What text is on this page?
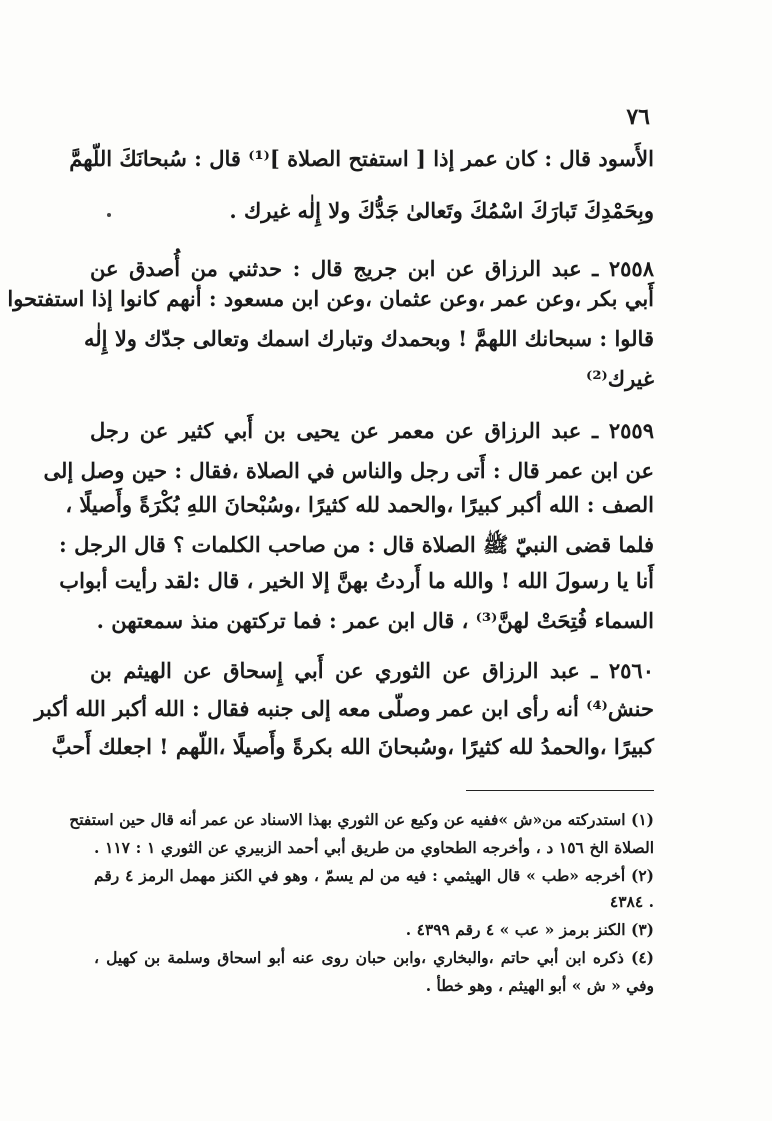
٧٦
الأَسود قال : كان عمر إذا [ استفتح الصلاة ]⁽¹⁾ قال : سُبحانَكَ اللّهمَّ
وبِحَمْدِكَ تَبارَكَ اسْمُكَ وتَعالىٰ جَدُّكَ ولا إِلٰه غيرك .
٢٥٥٨ ـ عبد الرزاق عن ابن جريج قال : حدثني من أُصدق عن
أَبي بكر ،وعن عمر ،وعن عثمان ،وعن ابن مسعود : أنهم كانوا إذا استفتحوا
قالوا : سبحانك اللهمَّ ! وبحمدك وتبارك اسمك وتعالى جدّك ولا إِلٰه
غيرك⁽²⁾
٢٥٥٩ ـ عبد الرزاق عن معمر عن يحيى بن أَبي كثير عن رجل
عن ابن عمر قال : أَتى رجل والناس في الصلاة ،فقال : حين وصل إلى
الصف : الله أكبر كبيرًا ،والحمد لله كثيرًا ،وسُبْحانَ اللهِ بُكْرَةً وأَصيلًا ،
فلما قضى النبيّ ﷺ الصلاة قال : من صاحب الكلمات ؟ قال الرجل :
أَنا يا رسولَ الله ! والله ما أَردتُ بهنَّ إلا الخير ، قال :لقد رأيت أبواب
السماء فُتِحَتْ لهنَّ⁽³⁾ ، قال ابن عمر : فما تركتهن منذ سمعتهن .
٢٥٦٠ ـ عبد الرزاق عن الثوري عن أَبي إِسحاق عن الهيثم بن
حنش⁽⁴⁾ أنه رأى ابن عمر وصلّى معه إلى جنبه فقال : الله أكبر الله أكبر
كبيرًا ،والحمدُ لله كثيرًا ،وسُبحانَ الله بكرةً وأَصيلًا ،اللّهم ! اجعلك أَحبَّ
(١) استدركته من«ش »ففيه عن وكيع عن الثوري بهذا الاسناد عن عمر أنه قال حين استفتح
الصلاة الخ ١٥٦ د ، وأخرجه الطحاوي من طريق أبي أحمد الزبيري عن الثوري ١ : ١١٧ .
(٢) أخرجه «طب » قال الهيثمي : فيه من لم يسمّ ، وهو في الكنز مهمل الرمز ٤ رقم
. ٤٣٨٤
(٣) الكنز برمز « عب » ٤ رقم ٤٣٩٩ .
(٤) ذكره ابن أبي حاتم ،والبخاري ،وابن حبان روى عنه أبو اسحاق وسلمة بن كهيل ،
وفي « ش » أبو الهيثم ، وهو خطأ .
